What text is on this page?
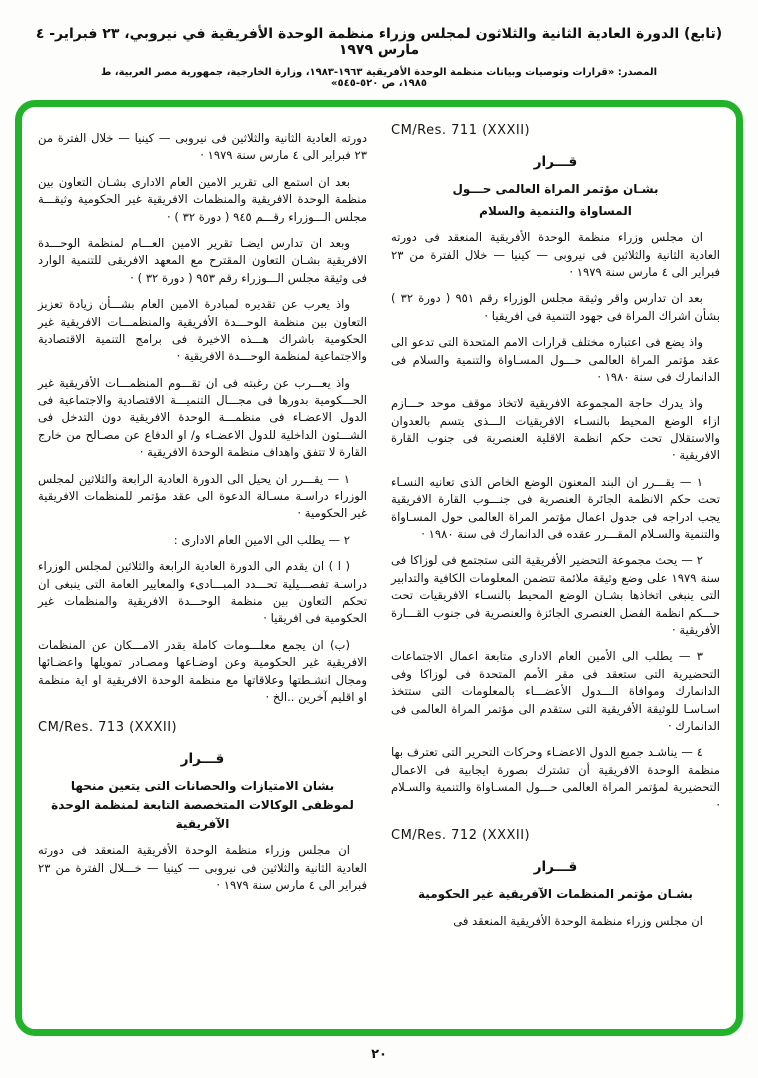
(تابع) الدورة العادية الثانية والثلاثون لمجلس وزراء منظمة الوحدة الأفريقية في نيروبي، ٢٣ فبراير- ٤ مارس ١٩٧٩
المصدر: «قرارات وتوصيات وبيانات منظمة الوحدة الأفريقية ١٩٦٣-١٩٨٣، وزارة الخارجية، جمهورية مصر العربية، ط ١٩٨٥، ص ٥٢٠-٥٤٥»
CM/Res. 711 (XXXII)
قـــرار
بشـان مؤتمر المراة العالمى حـــول
المساواة والتنمية والسلام
ان مجلس وزراء منظمة الوحدة الأفريقية المنعقد فى دورته العادية الثانية والثلاثين فى نيروبى — كينيا — خلال الفترة من ٢٣ فبراير الى ٤ مارس سنة ١٩٧٩ ·
بعد ان تدارس واقر وثيقة مجلس الوزراء رقم ٩٥١ ( دورة ٣٢ ) بشأن اشراك المراة فى جهود التنمية فى افريقيا ·
واذ يضع فى اعتباره مختلف قرارات الامم المتحدة التى تدعو الى عقد مؤتمر المراة العالمى حـــول المسـاواة والتنمية والسلام فى الدانمارك فى سنة ١٩٨٠ ·
واذ يدرك حاجة المجموعة الافريقية لاتخاذ موقف موحد حـــازم ازاء الوضع المحيط بالنسـاء الافريقيات الـــذى يتسم بالعدوان والاستقلال تحت حكم انظمة الاقلية العنصرية فى جنوب القارة الافريقية ·
١ — يقـــرر ان البند المعنون الوضع الخاص الذى تعانيه النسـاء تحت حكم الانظمة الجائرة العنصرية فى جنـــوب القارة الافريقية يجب ادراجه فى جدول اعمال مؤتمر المراة العالمى حول المسـاواة والتنمية والسـلام المقـــرر عقده فى الدانمارك فى سنة ١٩٨٠ ·
٢ — يحث مجموعة التحضير الأفريقية التى ستجتمع فى لوزاكا فى سنة ١٩٧٩ على وضع وثيقة ملائمة تتضمن المعلومات الكافية والتدابير التى ينبغى اتخاذها بشـان الوضع المحيط بالنسـاء الافريقيات تحت حـــكم انظمة الفصل العنصرى الجائزة والعنصرية فى جنوب القـــارة الأفريقية ·
٣ — يطلب الى الأمين العام الادارى متابعة اعمال الاجتماعات التحضيرية التى ستعقد فى مقر الأمم المتحدة فى لوزاكا وفى الدانمارك وموافاة الـــدول الأعضـــاء بالمعلومات التى ستتخذ اسـاسـا للوثيقة الأفريقية التى ستقدم الى مؤتمر المراة العالمى فى الدانمارك ·
٤ — يناشـد جميع الدول الاعضـاء وحركات التحرير التى تعترف بها منظمة الوحدة الافريقية أن تشترك بصورة ايجابية فى الاعمال التحضيرية لمؤتمر المراة العالمى حـــول المسـاواة والتنمية والسـلام ·
CM/Res. 712 (XXXII)
قـــرار
بشـان مؤتمر المنظمات الآفريقية غير الحكومية
ان مجلس وزراء منظمة الوحدة الأفريقية المنعقد فى
دورته العادية الثانية والثلاثين فى نيروبى — كينيا — خلال الفترة من ٢٣ فبراير الى ٤ مارس سنة ١٩٧٩ ·
بعد ان استمع الى تقرير الامين العام الادارى بشـان التعاون بين منظمة الوحدة الافريقية والمنظمات الافريقية غير الحكومية وثيقـــة مجلس الـــوزراء رقـــم ٩٤٥ ( دورة ٣٢ ) ·
وبعد ان تدارس ايضـا تقرير الامين العـــام لمنظمة الوحـــدة الافريقية بشـان التعاون المقترح مع المعهد الافريقى للتنمية الوارد فى وثيقة مجلس الـــوزراء رقم ٩٥٣ ( دورة ٣٢ ) ·
واذ يعرب عن تقديره لمبادرة الامين العام بشـــأن زيادة تعزيز التعاون بين منظمة الوحـــدة الأفريقية والمنظمـــات الافريقية غير الحكومية باشراك هـــذه الاخيرة فى برامج التنمية الاقتصادية والاجتماعية لمنظمة الوحـــدة الافريقية ·
واذ يعـــرب عن رغبته فى ان تقـــوم المنظمـــات الأفريقية غير الحـــكومية بدورها فى مجـــال التنميـــة الاقتصادية والاجتماعية فى الدول الاعضـاء فى منظمـــة الوحدة الافريقية دون التدخل فى الشـــئون الداخلية للدول الاعضـاء و/ او الدفاع عن مصـالح من خارج القارة لا تتفق واهداف منظمة الوحدة الافريقية ·
١ — يقـــرر ان يحيل الى الدورة العادية الرابعة والثلاثين لمجلس الوزراء دراسـة مسـالة الدعوة الى عقد مؤتمر للمنظمات الافريقية غير الحكومية ·
٢ — يطلب الى الامين العام الادارى :
( ا ) ان يقدم الى الدورة العادية الرابعة والثلاثين لمجلس الوزراء دراسـة تفصـــيلية تحـــدد المبـــادىء والمعايير العامة التى ينبغى ان تحكم التعاون بين منظمة الوحـــدة الافريقية والمنظمات غير الحكومية فى افريقيا ·
(ب) ان يجمع معلـــومات كاملة بقدر الامـــكان عن المنظمات الافريقية غير الحكومية وعن اوضـاعها ومصـادر تمويلها واعضـائها ومجال انشـطتها وعلاقاتها مع منظمة الوحدة الافريقية او اية منظمة او اقليم آخرين ..الخ ·
CM/Res. 713 (XXXII)
قـــرار
بشان الامتيازات والحصانات التى يتعين منحها لموظفى الوكالات المتخصصة التابعة لمنظمة الوحدة الآفريقية
ان مجلس وزراء منظمة الوحدة الأفريقية المنعقد فى دورته العادية الثانية والثلاثين فى نيروبى — كينيا — خـــلال الفترة من ٢٣ فبراير الى ٤ مارس سنة ١٩٧٩ ·
٢٠
